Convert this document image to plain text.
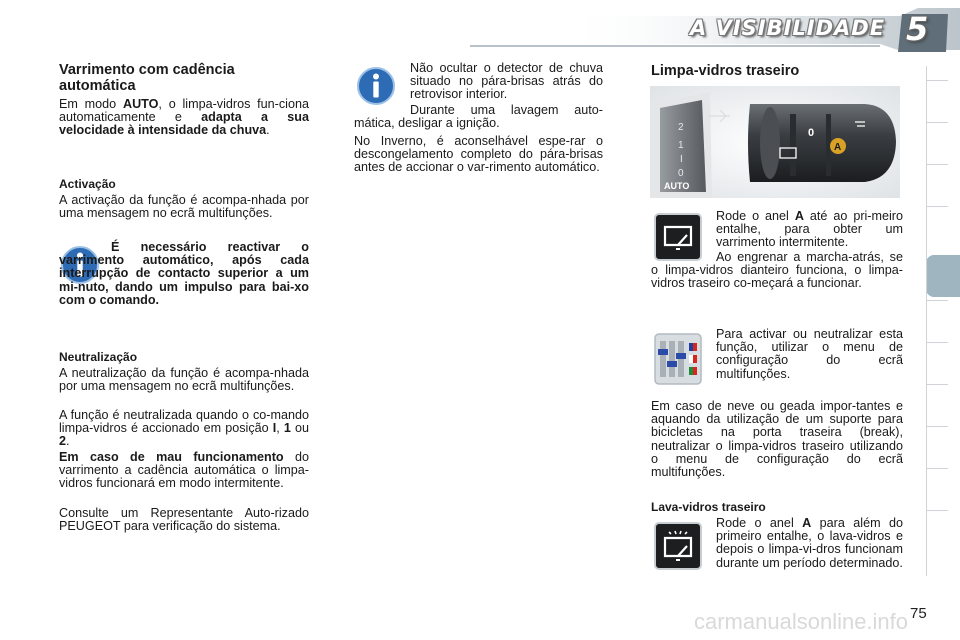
A VISIBILIDADE 5
Varrimento com cadência automática

Em modo AUTO, o limpa-vidros fun-ciona automaticamente e adapta a sua velocidade à intensidade da chuva.

Activação

A activação da função é acompa-nhada por uma mensagem no ecrã multifunções.

É necessário reactivar o varrimento automático, após cada interrupção de contacto superior a um mi-nuto, dando um impulso para bai-xo com o comando.

Neutralização

A neutralização da função é acompa-nhada por uma mensagem no ecrã multifunções.

A função é neutralizada quando o co-mando limpa-vidros é accionado em posição I, 1 ou 2.

Em caso de mau funcionamento do varrimento a cadência automática o limpa-vidros funcionará em modo intermitente.

Consulte um Representante Auto-rizado PEUGEOT para verificação do sistema.

Não ocultar o detector de chuva situado no pára-brisas atrás do retrovisor interior.

Durante uma lavagem auto-mática, desligar a ignição.

No Inverno, é aconselhável espe-rar o descongelamento completo do pára-brisas antes de accionar o var-rimento automático.

Limpa-vidros traseiro
0
A
2
1
I
0
AUTO

Rode o anel A até ao pri-meiro entalhe, para obter um varrimento intermitente.

Ao engrenar a marcha-atrás, se o limpa-vidros dianteiro funciona, o limpa-vidros traseiro co-meçará a funcionar.

Para activar ou neutralizar esta função, utilizar o menu de configuração do ecrã multifunções.

Em caso de neve ou geada impor-tantes e aquando da utilização de um suporte para bicicletas na porta traseira (break), neutralizar o limpa-vidros traseiro utilizando o menu de configuração do ecrã multifunções.

Lava-vidros traseiro

Rode o anel A para além do primeiro entalhe, o lava-vidros e depois o limpa-vi-dros funcionam durante um período determinado.

75
carmanualsonline.info
